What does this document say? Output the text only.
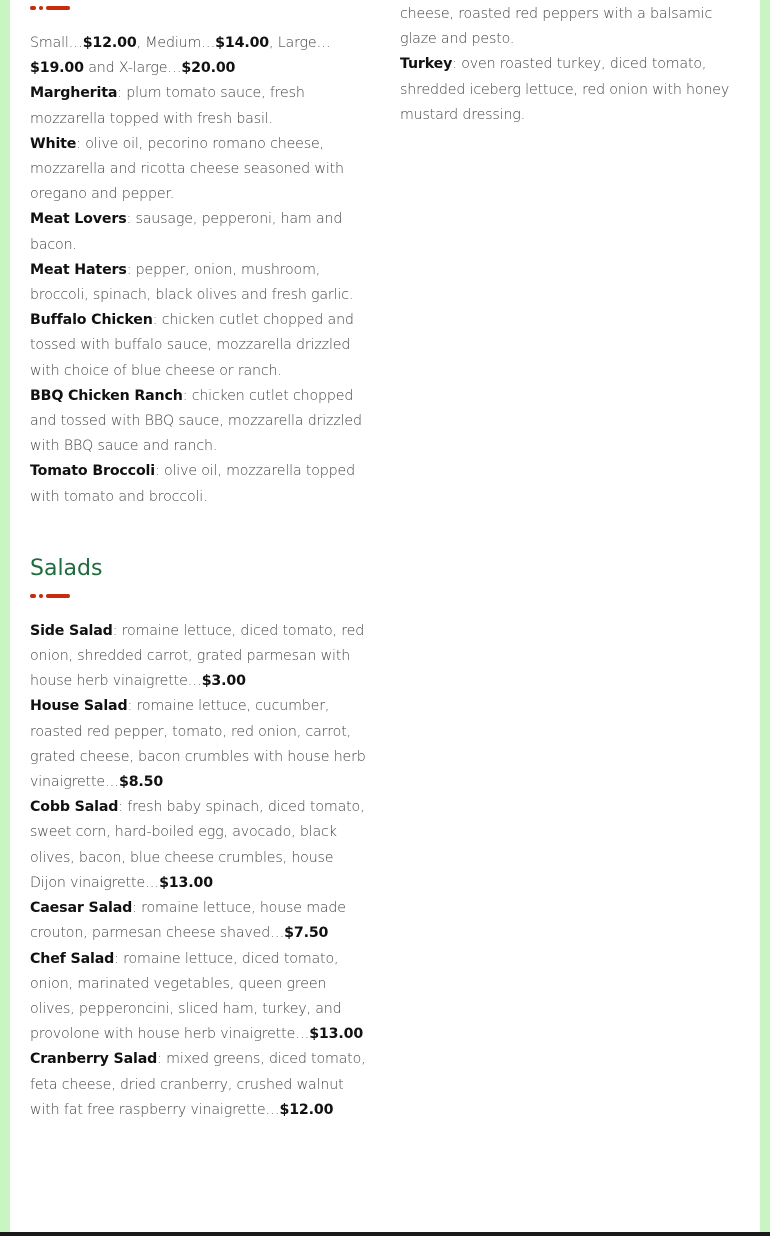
Small…$12.00, Medium…$14.00, Large…$19.00 and X-large…$20.00

Margherita: plum tomato sauce, fresh mozzarella topped with fresh basil.

White: olive oil, pecorino romano cheese, mozzarella and ricotta cheese seasoned with oregano and pepper.

Meat Lovers: sausage, pepperoni, ham and bacon.

Meat Haters: pepper, onion, mushroom, broccoli, spinach, black olives and fresh garlic.

Buffalo Chicken: chicken cutlet chopped and tossed with buffalo sauce, mozzarella drizzled with choice of blue cheese or ranch.

BBQ Chicken Ranch: chicken cutlet chopped and tossed with BBQ sauce, mozzarella drizzled with BBQ sauce and ranch.

Tomato Broccoli: olive oil, mozzarella topped with tomato and broccoli.

Salads

Side Salad: romaine lettuce, diced tomato, red onion, shredded carrot, grated parmesan with house herb vinaigrette…$3.00

House Salad: romaine lettuce, cucumber, roasted red pepper, tomato, red onion, carrot, grated cheese, bacon crumbles with house herb vinaigrette…$8.50

Cobb Salad: fresh baby spinach, diced tomato, sweet corn, hard-boiled egg, avocado, black olives, bacon, blue cheese crumbles, house Dijon vinaigrette…$13.00

Caesar Salad: romaine lettuce, house made crouton, parmesan cheese shaved…$7.50

Chef Salad: romaine lettuce, diced tomato, onion, marinated vegetables, queen green olives, pepperoncini, sliced ham, turkey, and provolone with house herb vinaigrette…$13.00

Cranberry Salad: mixed greens, diced tomato, feta cheese, dried cranberry, crushed walnut with fat free raspberry vinaigrette…$12.00

cheese, roasted red peppers with a balsamic glaze and pesto.

Turkey: oven roasted turkey, diced tomato, shredded iceberg lettuce, red onion with honey mustard dressing.
